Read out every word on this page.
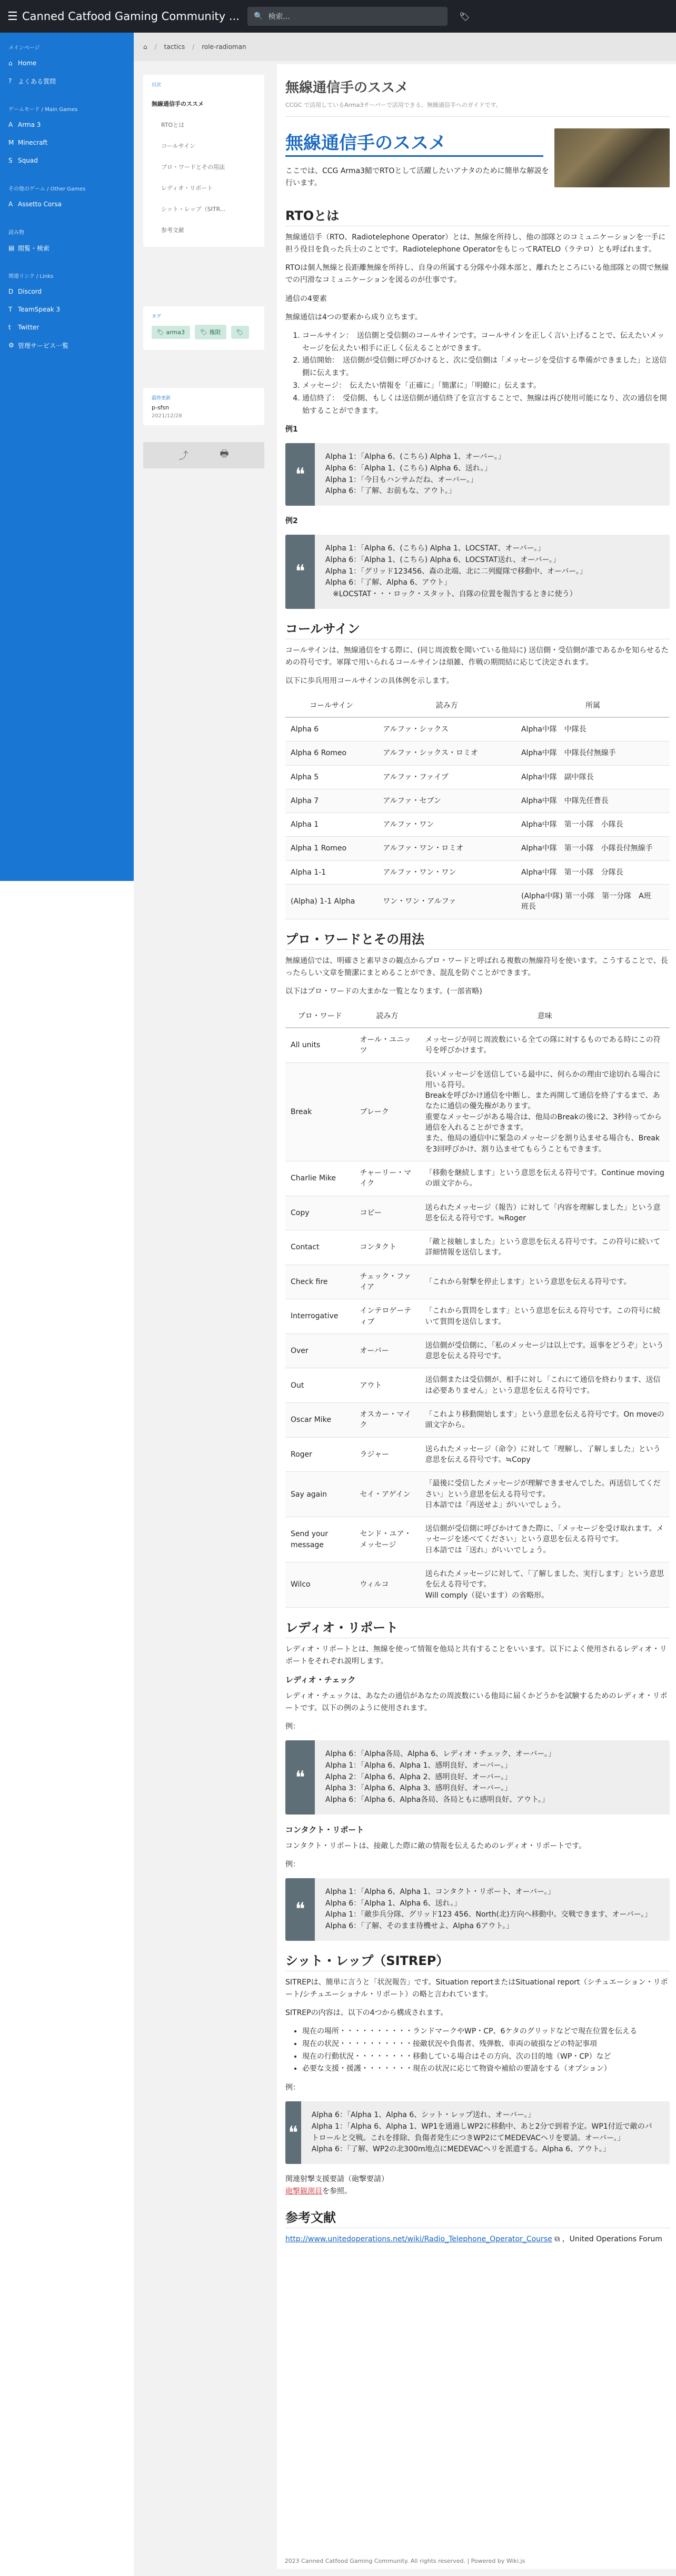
☰ Canned Catfood Gaming Community ...	🔍 検索...	🏷
メインページ
⌂ Home
? よくある質問
ゲームモード / Main Games
A Arma 3
M Minecraft
S Squad
その他のゲーム / Other Games
A Assetto Corsa
読み物
▤ 閲覧・検索
関連リンク / Links
D Discord
T TeamSpeak 3
t	Twitter
⚙ 管理サービス一覧
⌂ / tactics / role-radioman
目次
無線通信手のススメ
RTOとは
コールサイン
プロ・ワードとその用法
レディオ・リポート
シット・レップ（SITR...
参考文献
タグ
🏷 arma3	🏷 権限	🏷
最終更新
p-sfsn
2021/12/28
⤴	🖶
無線通信手のススメ
CCGC で活用しているArma3サーバーで活用できる、無線通信手へのガイドです。
無線通信手のススメ

ここでは、CCG Arma3鯖でRTOとして活躍したいアナタのために簡単な解説を行います。

RTOとは

無線通信手（RTO、Radiotelephone Operator）とは、無線を所持し、他の部隊とのコミュニケーションを一手に担う役目を負った兵士のことです。Radiotelephone OperatorをもじってRATELO（ラテロ）とも呼ばれます。

RTOは個人無線と長距離無線を所持し、自身の所属する分隊や小隊本部と、離れたところにいる他部隊との間で無線での円滑なコミュニケーションを図るのが仕事です。

通信の4要素

無線通信は4つの要素から成り立ちます。

1. コールサイン：　送信側と受信側のコールサインです。コールサインを正しく言い上げることで、伝えたいメッセージを伝えたい相手に正しく伝えることができます。
2. 通信開始：　送信側が受信側に呼びかけると、次に受信側は「メッセージを受信する準備ができました」と送信側に伝えます。
3. メッセージ：　伝えたい情報を「正確に」「簡潔に」「明瞭に」伝えます。
4. 通信終了：　受信側、もしくは送信側が通信終了を宣言することで、無線は再び使用可能になり、次の通信を開始することができます。

例1

❝
Alpha 1：「Alpha 6、(こちら) Alpha 1、オーバー。」
Alpha 6：「Alpha 1、(こちら) Alpha 6、送れ。」
Alpha 1：「今日もハンサムだね、オーバー。」
Alpha 6：「了解、お前もな、アウト。」

例2

❝
Alpha 1：「Alpha 6、(こちら) Alpha 1、LOCSTAT、オーバー。」
Alpha 6：「Alpha 1、(こちら) Alpha 6、LOCSTAT送れ、オーバー。」
Alpha 1：「グリッド123456、森の北端、北に二列縦隊で移動中、オーバー。」
Alpha 6：「了解、Alpha 6、アウト」
　※LOCSTAT・・・ロック・スタット、自隊の位置を報告するときに使う）
コールサイン

コールサインは、無線通信をする際に、(同じ周波数を聞いている他局に) 送信側・受信側が誰であるかを知らせるための符号です。軍隊で用いられるコールサインは煩雑、作戦の期間結に応じて決定されます。

以下に歩兵用用コールサインの具体例を示します。

コールサイン	読み方	所属
Alpha 6	アルファ・シックス	Alpha中隊　中隊長
Alpha 6 Romeo	アルファ・シックス・ロミオ	Alpha中隊　中隊長付無線手
Alpha 5	アルファ・ファイブ	Alpha中隊　副中隊長
Alpha 7	アルファ・セブン	Alpha中隊　中隊先任曹長
Alpha 1	アルファ・ワン	Alpha中隊　第一小隊　小隊長
Alpha 1 Romeo	アルファ・ワン・ロミオ	Alpha中隊　第一小隊　小隊長付無線手
Alpha 1-1	アルファ・ワン・ワン	Alpha中隊　第一小隊　分隊長
(Alpha) 1-1 Alpha	ワン・ワン・アルファ	(Alpha中隊) 第一小隊　第一分隊　A班　班長
プロ・ワードとその用法

無線通信では、明確さと素早さの観点からプロ・ワードと呼ばれる複数の無線符号を使います。こうすることで、長ったらしい文章を簡潔にまとめることができ、混乱を防ぐことができます。

以下はプロ・ワードの大まかな一覧となります。(一部省略)

プロ・ワード	読み方	意味
All units	オール・ユニッツ	メッセージが同じ周波数にいる全ての隊に対するものである時にこの符号を呼びかけます。
Break	ブレーク	長いメッセージを送信している最中に、何らかの理由で途切れる場合に用いる符号。
Breakを呼びかけ通信を中断し、また再開して通信を終了するまで、あなたに通信の優先権があります。
重要なメッセージがある場合は、他局のBreakの後に2、3秒待ってから通信を入れることができます。
また、他局の通信中に緊急のメッセージを割り込ませる場合も、Breakを3回呼びかけ、割り込ませてもらうこともできます。
Charlie Mike	チャーリー・マイク	「移動を継続します」という意思を伝える符号です。Continue movingの頭文字から。
Copy	コピー	送られたメッセージ（報告）に対して「内容を理解しました」という意思を伝える符号です。≒Roger
Contact	コンタクト	「敵と接触しました」という意思を伝える符号です。この符号に続いて詳細情報を送信します。
Check fire	チェック・ファイア	「これから射撃を停止します」という意思を伝える符号です。
Interrogative	インテロゲーティブ	「これから質問をします」という意思を伝える符号です。この符号に続いて質問を送信します。
Over	オーバー	送信側が受信側に、「私のメッセージは以上です。返事をどうぞ」という意思を伝える符号です。
Out	アウト	送信側または受信側が、相手に対し「これにて通信を終わります、送信は必要ありません」という意思を伝える符号です。
Oscar Mike	オスカー・マイク	「これより移動開始します」という意思を伝える符号です。On moveの頭文字から。
Roger	ラジャー	送られたメッセージ（命令）に対して「理解し、了解しました」という意思を伝える符号です。≒Copy
Say again	セイ・アゲイン	「最後に受信したメッセージが理解できませんでした。再送信してください」という意思を伝える符号です。
日本語では「再送せよ」がいいでしょう。
Send your message	センド・ユア・メッセージ	送信側が受信側に呼びかけてきた際に、「メッセージを受け取れます。メッセージを述べてください」という意思を伝える符号です。
日本語では「送れ」がいいでしょう。
Wilco	ウィルコ	送られたメッセージに対して、「了解しました、実行します」という意思を伝える符号です。
Will comply（従います）の省略形。
レディオ・リポート

レディオ・リポートとは、無線を使って情報を他局と共有することをいいます。以下によく使用されるレディオ・リポートをそれぞれ説明します。

レディオ・チェック

レディオ・チェックは、あなたの通信があなたの周波数にいる他局に届くかどうかを試験するためのレディオ・リポートです。以下の例のように使用されます。

例：

❝
Alpha 6：「Alpha各局、Alpha 6、レディオ・チェック、オーバー。」
Alpha 1：「Alpha 6、Alpha 1、感明良好、オーバー。」
Alpha 2：「Alpha 6、Alpha 2、感明良好、オーバー。」
Alpha 3：「Alpha 6、Alpha 3、感明良好、オーバー。」
Alpha 6：「Alpha 6、Alpha各局、各局ともに感明良好、アウト。」
コンタクト・リポート

コンタクト・リポートは、接敵した際に敵の情報を伝えるためのレディオ・リポートです。

例：

❝
Alpha 1：「Alpha 6、Alpha 1、コンタクト・リポート、オーバー。」
Alpha 6：「Alpha 1、Alpha 6、送れ。」
Alpha 1：「敵歩兵分隊、グリッド123 456、North(北)方向へ移動中。交戦できます、オーバー。」
Alpha 6：「了解、そのまま待機せよ、Alpha 6アウト。」
シット・レップ（SITREP）

SITREPは、簡単に言うと「状況報告」です。Situation reportまたはSituational report（シチュエーション・リポート/シチュエーショナル・リポート）の略と言われています。

SITREPの内容は、以下の4つから構成されます。

• 現在の場所・・・・・・・・・・ランドマークやWP・CP、6ケタのグリッドなどで現在位置を伝える
• 現在の状況・・・・・・・・・・接敵状況や負傷者、残弾数、車両の破損などの特記事項
• 現在の行動状況・・・・・・・・移動している場合はその方向、次の目的地（WP・CP）など
• 必要な支援・援護・・・・・・・現在の状況に応じて物資や補給の要請をする（オプション）

例：

❝
Alpha 6：「Alpha 1、Alpha 6、シット・レップ送れ、オーバー。」
Alpha 1：「Alpha 6、Alpha 1、WP1を通過しWP2に移動中、あと2分で到着予定。WP1付近で敵のパトロールと交戦。これを排除、負傷者発生につきWP2にてMEDEVACヘリを要請。オーバー。」
Alpha 6：「了解、WP2の北300m地点にMEDEVACヘリを派遣する。Alpha 6、アウト。」

関連射撃支援要請（砲撃要請）
砲撃観測員を参照。

参考文献

http://www.unitedoperations.net/wiki/Radio_Telephone_Operator_Course ⧉ ，United Operations Forum

2023 Canned Catfood Gaming Community. All rights reserved. | Powered by Wiki.js
